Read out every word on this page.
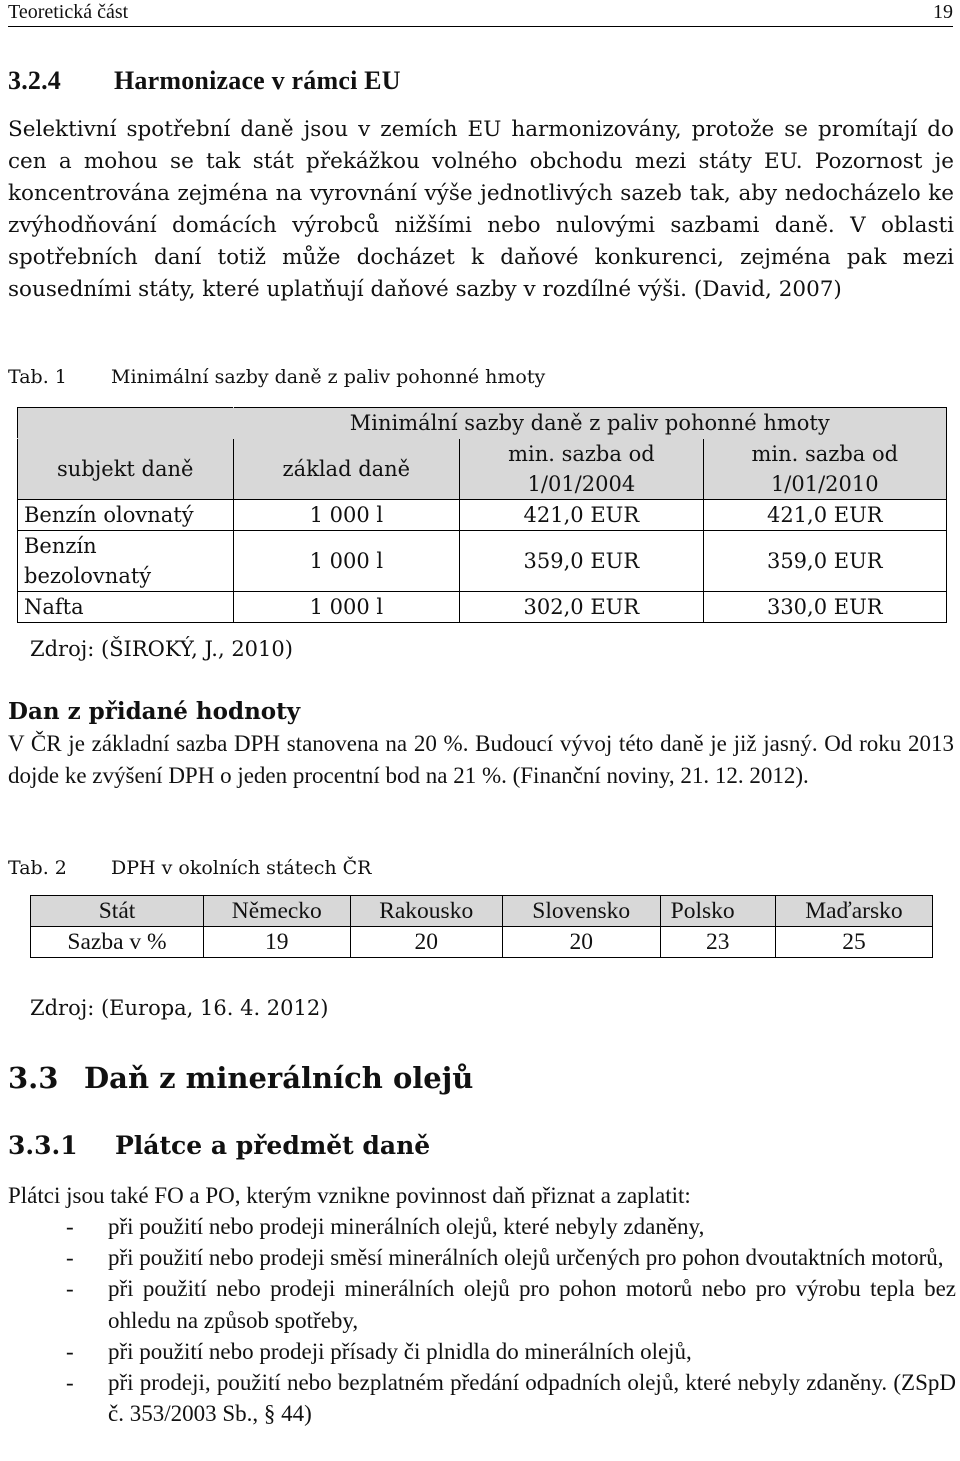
Teoretická část	19
3.2.4 Harmonizace v rámci EU

Selektivní spotřební daně jsou v zemích EU harmonizovány, protože se promítají do cen a mohou se tak stát překážkou volného obchodu mezi státy EU. Pozornost je koncentrována zejména na vyrovnání výše jednotlivých sazeb tak, aby nedocházelo ke zvýhodňování domácích výrobců nižšími nebo nulovými sazbami daně. V oblasti spotřebních daní totiž může docházet k daňové konkurenci, zejména pak mezi sousedními státy, které uplatňují daňové sazby v rozdílné výši. (David, 2007)

Tab. 1 Minimální sazby daně z paliv pohonné hmoty
	Minimální sazby daně z paliv pohonné hmoty		
subjekt daně	základ daně	min. sazba od 1/01/2004	min. sazba od 1/01/2010
Benzín olovnatý	1 000 l	421,0 EUR	421,0 EUR
Benzín bezolovnatý	1 000 l	359,0 EUR	359,0 EUR
Nafta	1 000 l	302,0 EUR	330,0 EUR
Zdroj: (ŠIROKÝ, J., 2010)
Dan z přidané hodnoty

V ČR je základní sazba DPH stanovena na 20 %. Budoucí vývoj této daně je již jasný. Od roku 2013 dojde ke zvýšení DPH o jeden procentní bod na 21 %. (Finanční noviny, 21. 12. 2012).

Tab. 2 DPH v okolních státech ČR
Stát	Německo	Rakousko	Slovensko	Polsko	Maďarsko
Sazba v %	19	20	20	23	25
Zdroj: (Europa, 16. 4. 2012)
3.3 Daň z minerálních olejů
3.3.1 Plátce a předmět daně

Plátci jsou také FO a PO, kterým vznikne povinnost daň přiznat a zaplatit:

- při použití nebo prodeji minerálních olejů, které nebyly zdaněny,
- při použití nebo prodeji směsí minerálních olejů určených pro pohon dvoutaktních motorů,
- při použití nebo prodeji minerálních olejů pro pohon motorů nebo pro výrobu tepla bez ohledu na způsob spotřeby,
- při použití nebo prodeji přísady či plnidla do minerálních olejů,
- při prodeji, použití nebo bezplatném předání odpadních olejů, které nebyly zdaněny. (ZSpD č. 353/2003 Sb., § 44)
